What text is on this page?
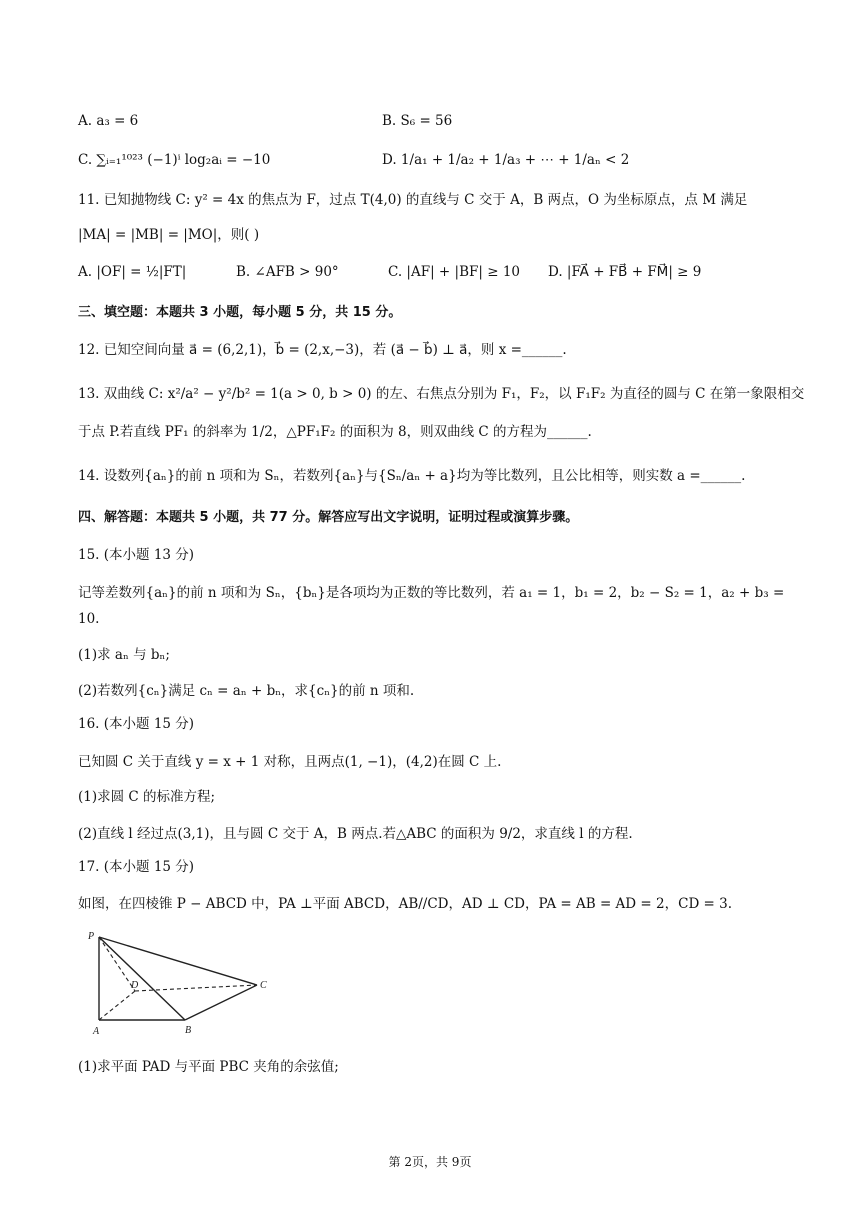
A. a₃ = 6	B. S₆ = 56
C. ∑ᵢ₌₁¹⁰²³ (−1)ⁱ log₂aᵢ = −10	D. 1/a₁ + 1/a₂ + 1/a₃ + ⋯ + 1/aₙ < 2
11. 已知抛物线 C: y² = 4x 的焦点为 F，过点 T(4,0) 的直线与 C 交于 A，B 两点，O 为坐标原点，点 M 满足
|MA| = |MB| = |MO|，则( )
A. |OF| = ½|FT|	B. ∠AFB > 90°	C. |AF| + |BF| ≥ 10 D. |FA⃗ + FB⃗ + FM⃗| ≥ 9
三、填空题：本题共 3 小题，每小题 5 分，共 15 分。
12. 已知空间向量 a⃗ = (6,2,1)，b⃗ = (2,x,−3)，若 (a⃗ − b⃗) ⊥ a⃗，则 x =______.
13. 双曲线 C: x²/a² − y²/b² = 1(a > 0, b > 0) 的左、右焦点分别为 F₁，F₂，以 F₁F₂ 为直径的圆与 C 在第一象限相交
于点 P.若直线 PF₁ 的斜率为 1/2，△PF₁F₂ 的面积为 8，则双曲线 C 的方程为______.
14. 设数列{aₙ}的前 n 项和为 Sₙ，若数列{aₙ}与{Sₙ/aₙ + a}均为等比数列，且公比相等，则实数 a =______.
四、解答题：本题共 5 小题，共 77 分。解答应写出文字说明，证明过程或演算步骤。
15. (本小题 13 分)
记等差数列{aₙ}的前 n 项和为 Sₙ，{bₙ}是各项均为正数的等比数列，若 a₁ = 1，b₁ = 2，b₂ − S₂ = 1，a₂ + b₃ =
10.
(1)求 aₙ 与 bₙ;
(2)若数列{cₙ}满足 cₙ = aₙ + bₙ，求{cₙ}的前 n 项和.
16. (本小题 15 分)
已知圆 C 关于直线 y = x + 1 对称，且两点(1, −1)，(4,2)在圆 C 上.
(1)求圆 C 的标准方程;
(2)直线 l 经过点(3,1)，且与圆 C 交于 A，B 两点.若△ABC 的面积为 9/2，求直线 l 的方程.
17. (本小题 15 分)
如图，在四棱锥 P − ABCD 中，PA ⊥平面 ABCD，AB//CD，AD ⊥ CD，PA = AB = AD = 2，CD = 3.
P
A	B
C
D
(1)求平面 PAD 与平面 PBC 夹角的余弦值;
第 2页，共 9页
